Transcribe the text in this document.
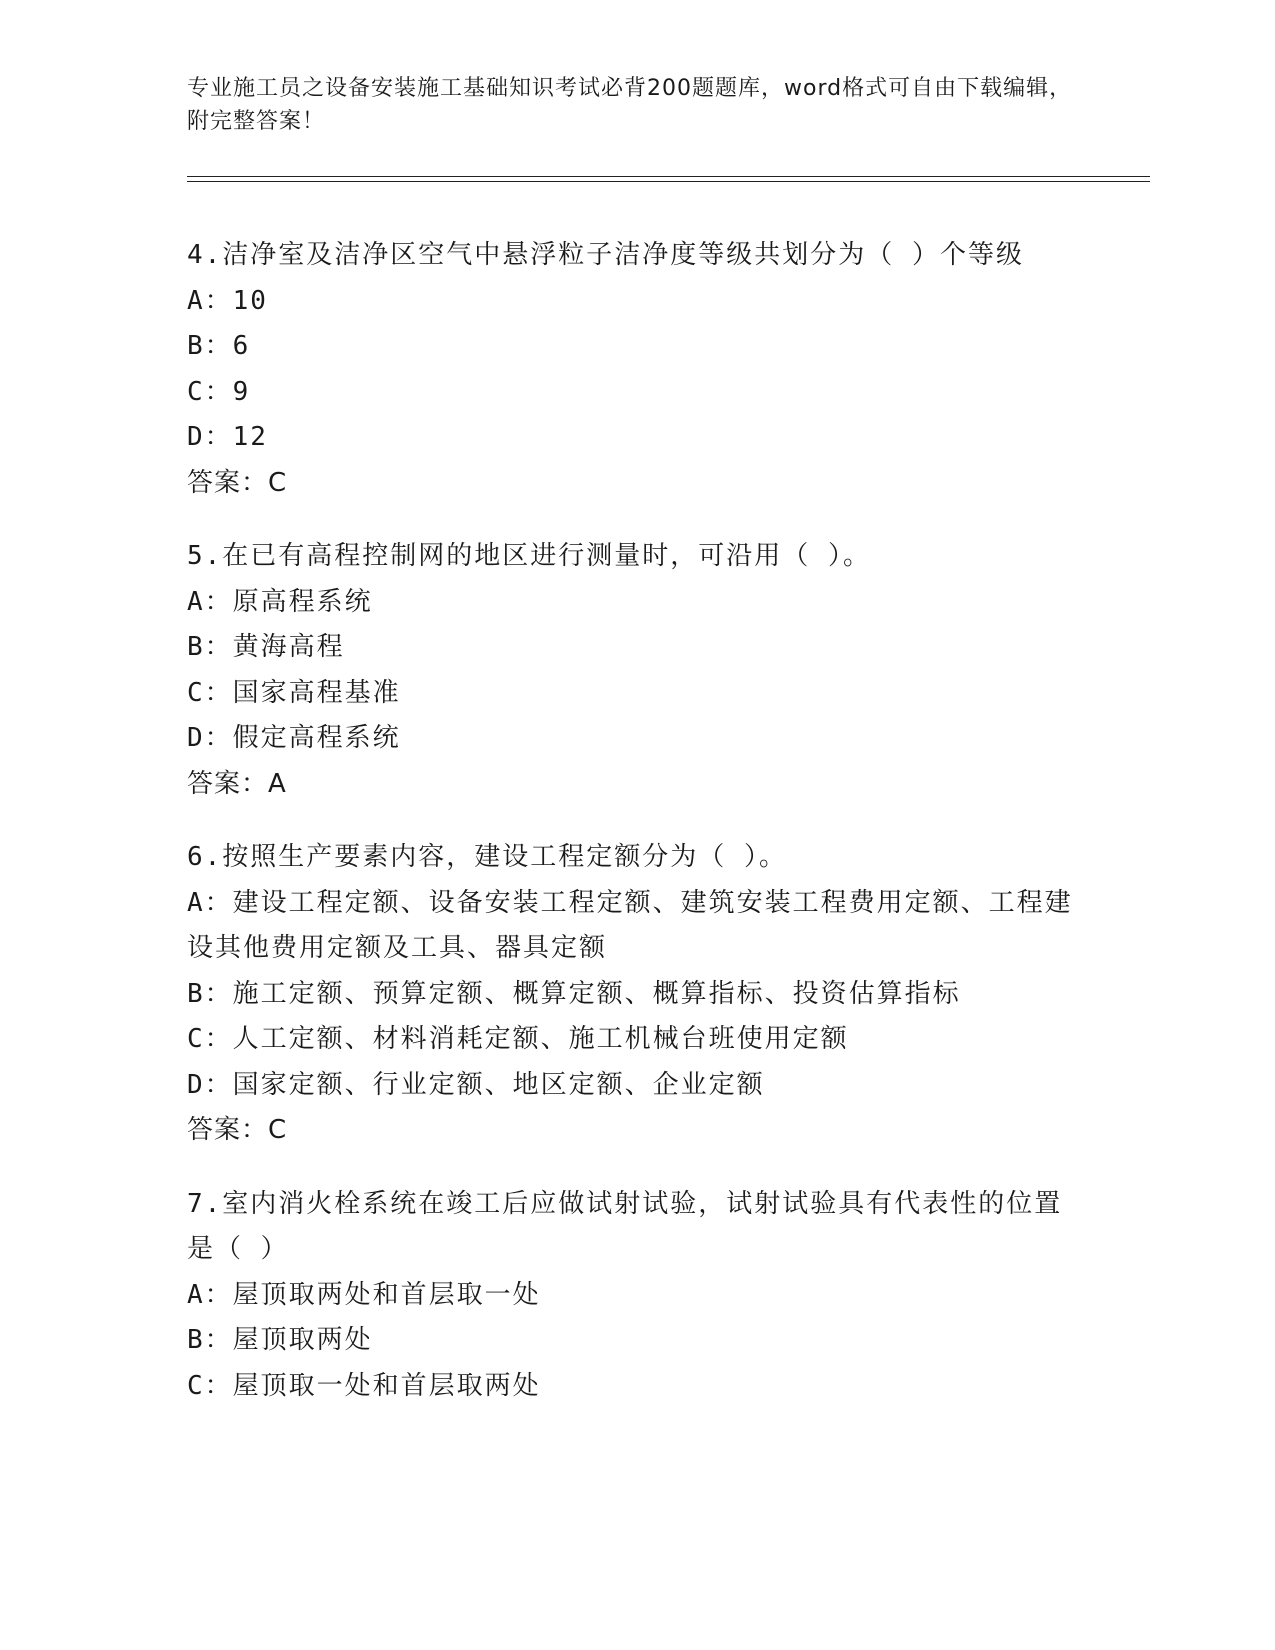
专业施工员之设备安装施工基础知识考试必背200题题库，word格式可自由下载编辑，附完整答案！
4.洁净室及洁净区空气中悬浮粒子洁净度等级共划分为（ ）个等级
A：10
B：6
C：9
D：12
答案：C
5.在已有高程控制网的地区进行测量时，可沿用（ ）。
A：原高程系统
B：黄海高程
C：国家高程基准
D：假定高程系统
答案：A
6.按照生产要素内容，建设工程定额分为（ ）。
A：建设工程定额、设备安装工程定额、建筑安装工程费用定额、工程建设其他费用定额及工具、器具定额
B：施工定额、预算定额、概算定额、概算指标、投资估算指标
C：人工定额、材料消耗定额、施工机械台班使用定额
D：国家定额、行业定额、地区定额、企业定额
答案：C
7.室内消火栓系统在竣工后应做试射试验，试射试验具有代表性的位置是（ ）
A：屋顶取两处和首层取一处
B：屋顶取两处
C：屋顶取一处和首层取两处
